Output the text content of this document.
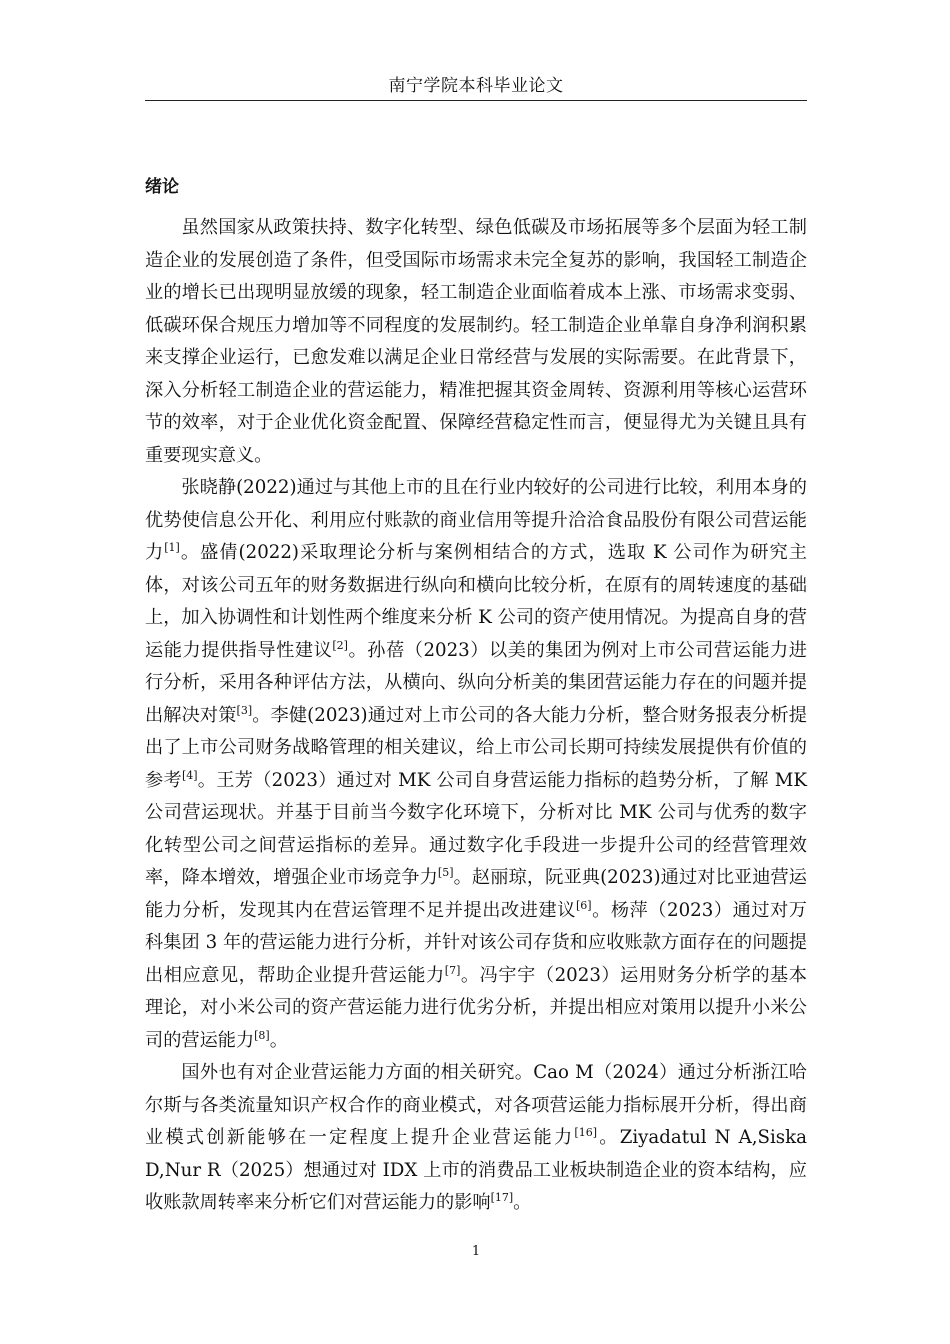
南宁学院本科毕业论文
绪论

虽然国家从政策扶持、数字化转型、绿色低碳及市场拓展等多个层面为轻工制造企业的发展创造了条件，但受国际市场需求未完全复苏的影响，我国轻工制造企业的增长已出现明显放缓的现象，轻工制造企业面临着成本上涨、市场需求变弱、低碳环保合规压力增加等不同程度的发展制约。轻工制造企业单靠自身净利润积累来支撑企业运行，已愈发难以满足企业日常经营与发展的实际需要。在此背景下，深入分析轻工制造企业的营运能力，精准把握其资金周转、资源利用等核心运营环节的效率，对于企业优化资金配置、保障经营稳定性而言，便显得尤为关键且具有重要现实意义。

张晓静(2022)通过与其他上市的且在行业内较好的公司进行比较，利用本身的优势使信息公开化、利用应付账款的商业信用等提升洽洽食品股份有限公司营运能力[1]。盛倩(2022)采取理论分析与案例相结合的方式，选取 K 公司作为研究主体，对该公司五年的财务数据进行纵向和横向比较分析，在原有的周转速度的基础上，加入协调性和计划性两个维度来分析 K 公司的资产使用情况。为提高自身的营运能力提供指导性建议[2]。孙蓓（2023）以美的集团为例对上市公司营运能力进行分析，采用各种评估方法，从横向、纵向分析美的集团营运能力存在的问题并提出解决对策[3]。李健(2023)通过对上市公司的各大能力分析，整合财务报表分析提出了上市公司财务战略管理的相关建议，给上市公司长期可持续发展提供有价值的参考[4]。王芳（2023）通过对 MK 公司自身营运能力指标的趋势分析，了解 MK 公司营运现状。并基于目前当今数字化环境下，分析对比 MK 公司与优秀的数字化转型公司之间营运指标的差异。通过数字化手段进一步提升公司的经营管理效率，降本增效，增强企业市场竞争力[5]。赵丽琼，阮亚典(2023)通过对比亚迪营运能力分析，发现其内在营运管理不足并提出改进建议[6]。杨萍（2023）通过对万科集团 3 年的营运能力进行分析，并针对该公司存货和应收账款方面存在的问题提出相应意见，帮助企业提升营运能力[7]。冯宇宇（2023）运用财务分析学的基本理论，对小米公司的资产营运能力进行优劣分析，并提出相应对策用以提升小米公司的营运能力[8]。

国外也有对企业营运能力方面的相关研究。Cao M（2024）通过分析浙江哈尔斯与各类流量知识产权合作的商业模式，对各项营运能力指标展开分析，得出商业模式创新能够在一定程度上提升企业营运能力[16]。Ziyadatul N A,Siska D,Nur R（2025）想通过对 IDX 上市的消费品工业板块制造企业的资本结构，应收账款周转率来分析它们对营运能力的影响[17]。

1
